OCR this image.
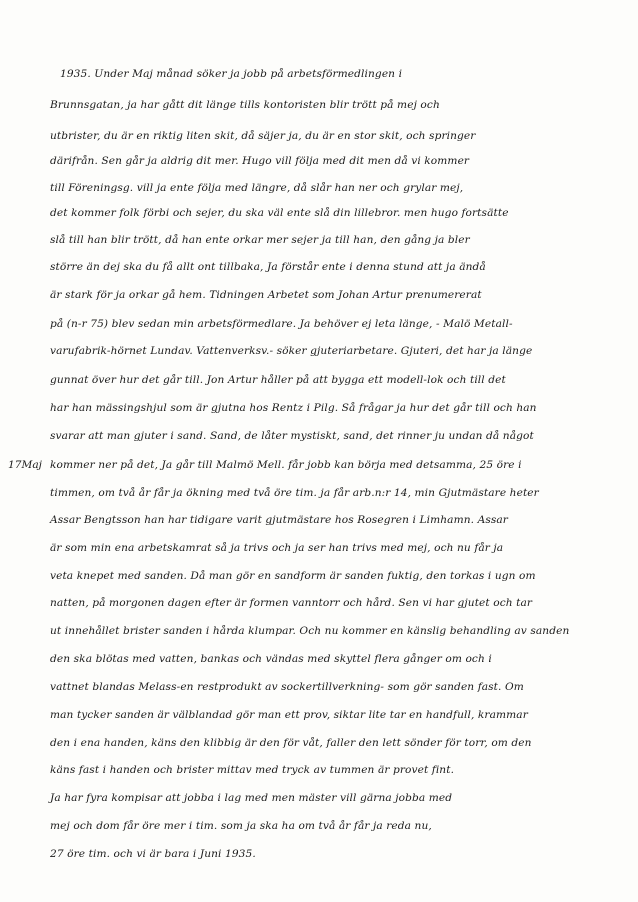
1935. Under Maj månad söker ja jobb på arbetsförmedlingen i
Brunnsgatan, ja har gått dit länge tills kontoristen blir trött på mej och
utbrister, du är en riktig liten skit, då säjer ja, du är en stor skit, och springer
därifrån. Sen går ja aldrig dit mer. Hugo vill följa med dit men då vi kommer
till Föreningsg. vill ja ente följa med längre, då slår han ner och grylar mej,
det kommer folk förbi och sejer, du ska väl ente slå din lillebror. men hugo fortsätte
slå till han blir trött, då han ente orkar mer sejer ja till han, den gång ja bler
större än dej ska du få allt ont tillbaka, Ja förstår ente i denna stund att ja ändå
är stark för ja orkar gå hem. Tidningen Arbetet som Johan Artur prenumererat
på (n-r 75) blev sedan min arbetsförmedlare. Ja behöver ej leta länge, - Malö Metall-
varufabrik-hörnet Lundav. Vattenverksv.- söker gjuteriarbetare. Gjuteri, det har ja länge
gunnat över hur det går till. Jon Artur håller på att bygga ett modell-lok och till det
har han mässingshjul som är gjutna hos Rentz i Pilg. Så frågar ja hur det går till och han
svarar att man gjuter i sand. Sand, de låter mystiskt, sand, det rinner ju undan då något
17Maj kommer ner på det, Ja går till Malmö Mell. får jobb kan börja med detsamma, 25 öre i
timmen, om två år får ja ökning med två öre tim. ja får arb.n:r 14, min Gjutmästare heter
Assar Bengtsson han har tidigare varit gjutmästare hos Rosegren i Limhamn. Assar
är som min ena arbetskamrat så ja trivs och ja ser han trivs med mej, och nu får ja
veta knepet med sanden. Då man gör en sandform är sanden fuktig, den torkas i ugn om
natten, på morgonen dagen efter är formen vanntorr och hård. Sen vi har gjutet och tar
ut innehållet brister sanden i hårda klumpar. Och nu kommer en känslig behandling av sanden
den ska blötas med vatten, bankas och vändas med skyttel flera gånger om och i
vattnet blandas Melass-en restprodukt av sockertillverkning- som gör sanden fast. Om
man tycker sanden är välblandad gör man ett prov, siktar lite tar en handfull, krammar
den i ena handen, käns den klibbig är den för våt, faller den lett sönder för torr, om den
käns fast i handen och brister mittav med tryck av tummen är provet fint.
Ja har fyra kompisar att jobba i lag med men mäster vill gärna jobba med
mej och dom får öre mer i tim. som ja ska ha om två år får ja reda nu,
27 öre tim. och vi är bara i Juni 1935.
